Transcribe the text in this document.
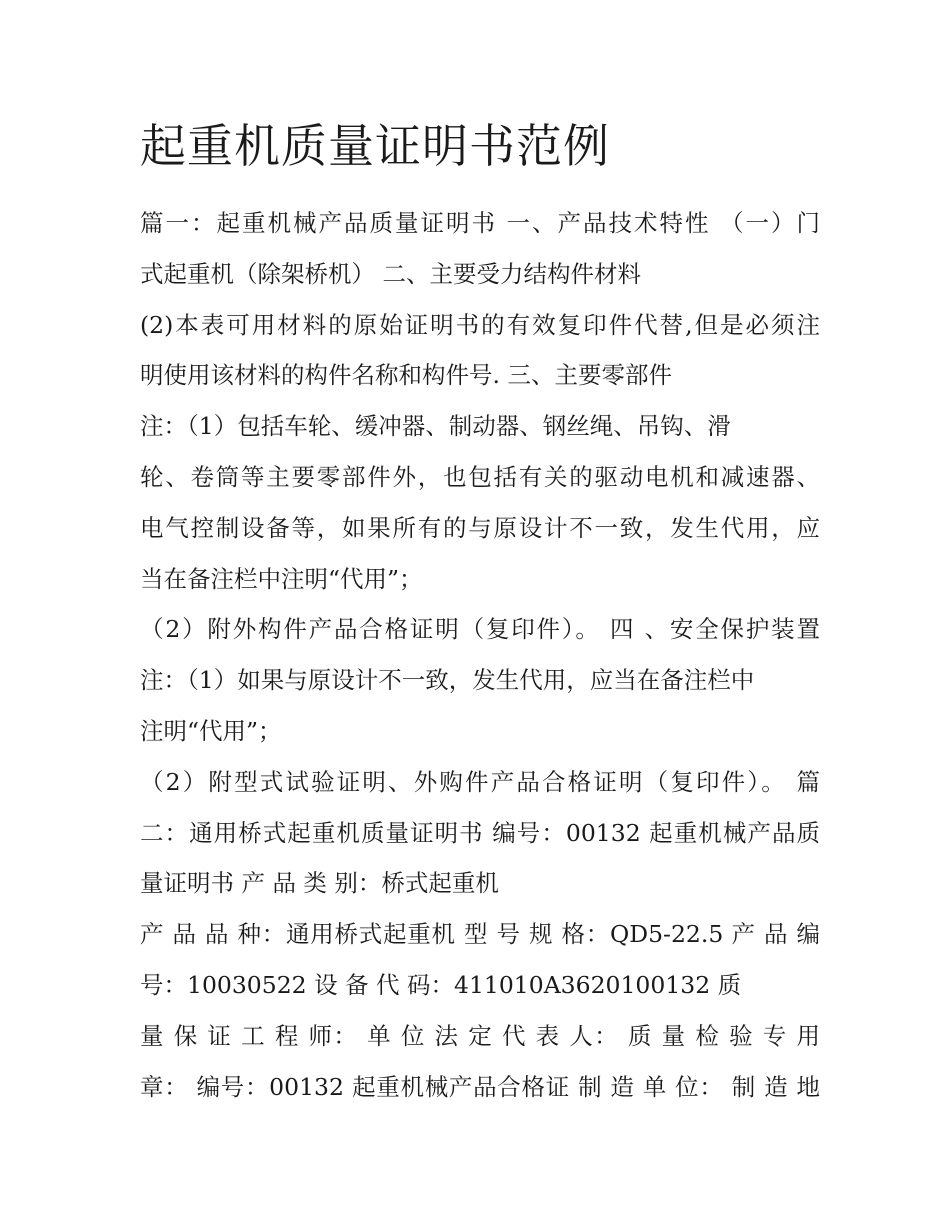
起重机质量证明书范例
篇一：起重机械产品质量证明书 一、产品技术特性 （一）门
式起重机（除架桥机） 二、主要受力结构件材料
(2)本表可用材料的原始证明书的有效复印件代替,但是必须注
明使用该材料的构件名称和构件号. 三、主要零部件
注：（1）包括车轮、缓冲器、制动器、钢丝绳、吊钩、滑
轮、卷筒等主要零部件外，也包括有关的驱动电机和减速器、
电气控制设备等，如果所有的与原设计不一致，发生代用，应
当在备注栏中注明“代用”；
（2）附外构件产品合格证明（复印件）。 四 、安全保护装置
注：（1）如果与原设计不一致，发生代用，应当在备注栏中
注明“代用”；
（2）附型式试验证明、外购件产品合格证明（复印件）。 篇
二：通用桥式起重机质量证明书 编号：00132 起重机械产品质
量证明书 产 品 类 别：桥式起重机
产 品 品 种：通用桥式起重机 型 号 规 格：QD5-22.5 产 品 编
号：10030522 设 备 代 码：411010A3620100132 质
量 保 证 工 程 师： 单 位 法 定 代 表 人： 质 量 检 验 专 用
章： 编号：00132 起重机械产品合格证 制 造 单 位： 制 造 地
